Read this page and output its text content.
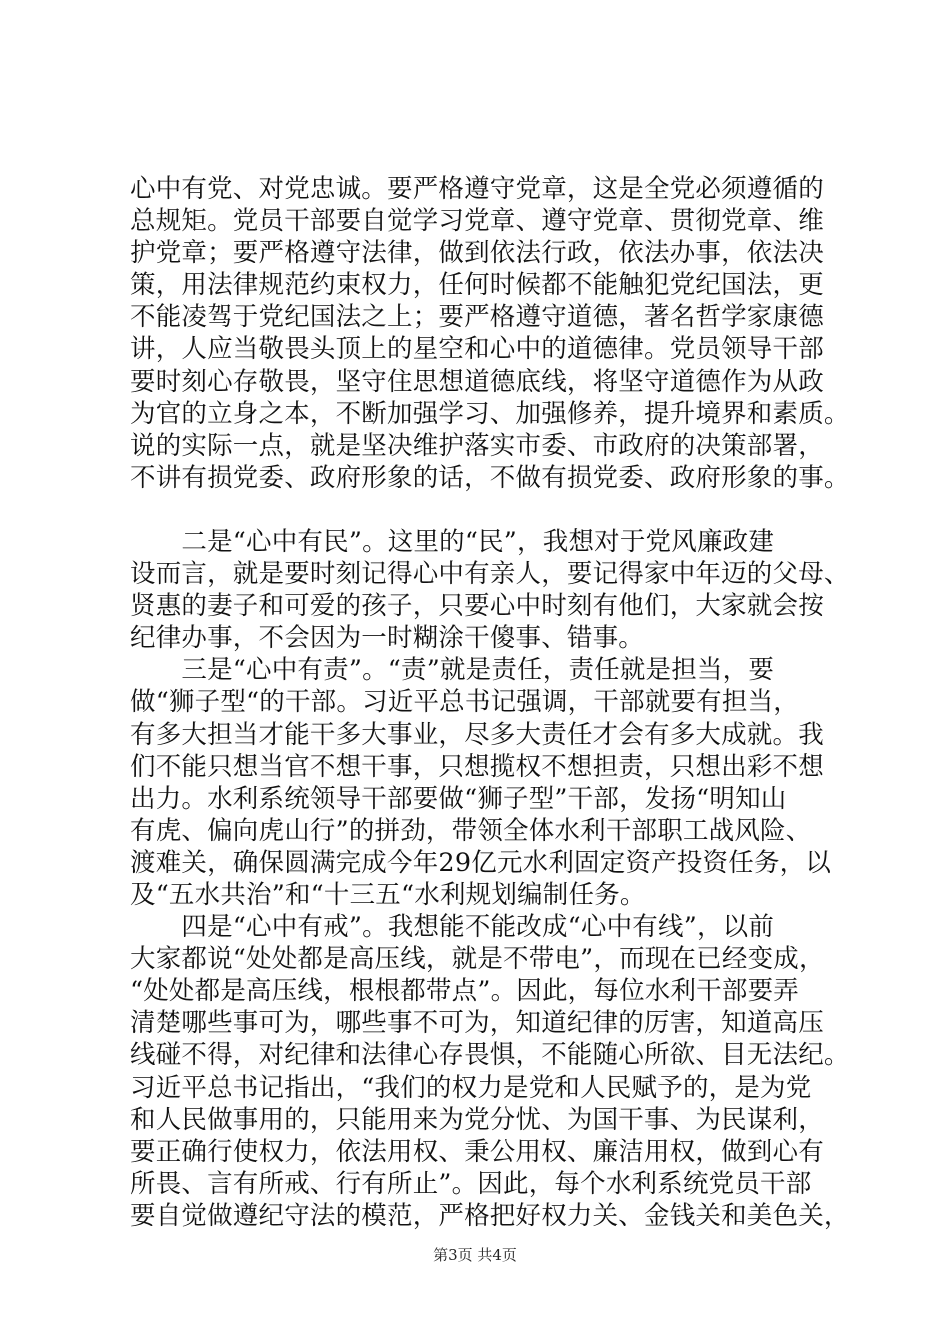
心中有党、对党忠诚。要严格遵守党章，这是全党必须遵循的
总规矩。党员干部要自觉学习党章、遵守党章、贯彻党章、维
护党章；要严格遵守法律，做到依法行政，依法办事，依法决
策，用法律规范约束权力，任何时候都不能触犯党纪国法，更
不能凌驾于党纪国法之上；要严格遵守道德，著名哲学家康德
讲，人应当敬畏头顶上的星空和心中的道德律。党员领导干部
要时刻心存敬畏，坚守住思想道德底线，将坚守道德作为从政
为官的立身之本，不断加强学习、加强修养，提升境界和素质。
说的实际一点，就是坚决维护落实市委、市政府的决策部署，
不讲有损党委、政府形象的话，不做有损党委、政府形象的事。
　　二是“心中有民”。这里的“民”，我想对于党风廉政建
设而言，就是要时刻记得心中有亲人，要记得家中年迈的父母、
贤惠的妻子和可爱的孩子，只要心中时刻有他们，大家就会按
纪律办事，不会因为一时糊涂干傻事、错事。
　　三是“心中有责”。“责”就是责任，责任就是担当，要
做“狮子型“的干部。习近平总书记强调，干部就要有担当，
有多大担当才能干多大事业，尽多大责任才会有多大成就。我
们不能只想当官不想干事，只想揽权不想担责，只想出彩不想
出力。水利系统领导干部要做“狮子型”干部，发扬“明知山
有虎、偏向虎山行”的拼劲，带领全体水利干部职工战风险、
渡难关，确保圆满完成今年29亿元水利固定资产投资任务，以
及“五水共治”和“十三五“水利规划编制任务。
　　四是“心中有戒”。我想能不能改成“心中有线”，以前
大家都说“处处都是高压线，就是不带电”，而现在已经变成，
“处处都是高压线，根根都带点”。因此，每位水利干部要弄
清楚哪些事可为，哪些事不可为，知道纪律的厉害，知道高压
线碰不得，对纪律和法律心存畏惧，不能随心所欲、目无法纪。
习近平总书记指出，“我们的权力是党和人民赋予的，是为党
和人民做事用的，只能用来为党分忧、为国干事、为民谋利，
要正确行使权力，依法用权、秉公用权、廉洁用权，做到心有
所畏、言有所戒、行有所止”。因此，每个水利系统党员干部
要自觉做遵纪守法的模范，严格把好权力关、金钱关和美色关，
第3页 共4页
